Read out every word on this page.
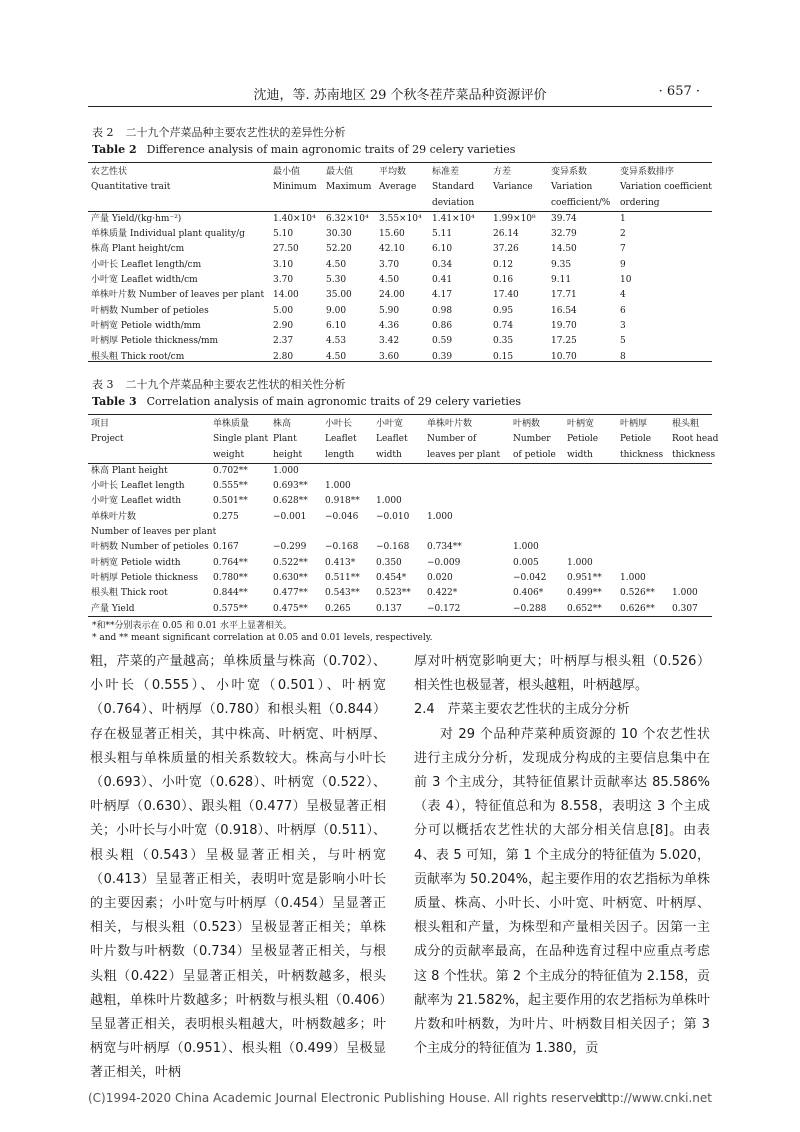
沈迪，等. 苏南地区 29 个秋冬茬芹菜品种资源评价	· 657 ·
表 2 二十九个芹菜品种主要农艺性状的差异性分析
Table 2 Difference analysis of main agronomic traits of 29 celery varieties
农艺性状	最小值	最大值	平均数	标准差	方差	变异系数	变异系数排序
Quantitative trait	Minimum	Maximum	Average	Standard	Variance	Variation	Variation coefficient
				deviation		coefficient/%	ordering
产量 Yield/(kg·hm⁻²)	1.40×10⁴	6.32×10⁴	3.55×10⁴	1.41×10⁴	1.99×10⁸	39.74	1
单株质量 Individual plant quality/g	5.10	30.30	15.60	5.11	26.14	32.79	2
株高 Plant height/cm	27.50	52.20	42.10	6.10	37.26	14.50	7
小叶长 Leaflet length/cm	3.10	4.50	3.70	0.34	0.12	9.35	9
小叶宽 Leaflet width/cm	3.70	5.30	4.50	0.41	0.16	9.11	10
单株叶片数 Number of leaves per plant	14.00	35.00	24.00	4.17	17.40	17.71	4
叶柄数 Number of petioles	5.00	9.00	5.90	0.98	0.95	16.54	6
叶柄宽 Petiole width/mm	2.90	6.10	4.36	0.86	0.74	19.70	3
叶柄厚 Petiole thickness/mm	2.37	4.53	3.42	0.59	0.35	17.25	5
根头粗 Thick root/cm	2.80	4.50	3.60	0.39	0.15	10.70	8
表 3 二十九个芹菜品种主要农艺性状的相关性分析
Table 3 Correlation analysis of main agronomic traits of 29 celery varieties
项目	单株质量	株高	小叶长	小叶宽	单株叶片数	叶柄数	叶柄宽	叶柄厚	根头粗
Project	Single plant	Plant	Leaflet	Leaflet	Number of	Number	Petiole	Petiole	Root head
	weight	height	length	width	leaves per plant	of petiole	width	thickness	thickness
株高 Plant height	0.702**	1.000							
小叶长 Leaflet length	0.555**	0.693**	1.000						
小叶宽 Leaflet width	0.501**	0.628**	0.918**	1.000					
单株叶片数	0.275	−0.001	−0.046	−0.010	1.000				
Number of leaves per plant									
叶柄数 Number of petioles	0.167	−0.299	−0.168	−0.168	0.734**	1.000			
叶柄宽 Petiole width	0.764**	0.522**	0.413*	0.350	−0.009	0.005	1.000		
叶柄厚 Petiole thickness	0.780**	0.630**	0.511**	0.454*	0.020	−0.042	0.951**	1.000	
根头粗 Thick root	0.844**	0.477**	0.543**	0.523**	0.422*	0.406*	0.499**	0.526**	1.000
产量 Yield	0.575**	0.475**	0.265	0.137	−0.172	−0.288	0.652**	0.626**	0.307
*和**分别表示在 0.05 和 0.01 水平上显著相关。
* and ** meant significant correlation at 0.05 and 0.01 levels, respectively.

粗，芹菜的产量越高；单株质量与株高（0.702）、小叶长（0.555）、小叶宽（0.501）、叶柄宽（0.764）、叶柄厚（0.780）和根头粗（0.844）存在极显著正相关，其中株高、叶柄宽、叶柄厚、根头粗与单株质量的相关系数较大。株高与小叶长（0.693）、小叶宽（0.628）、叶柄宽（0.522）、叶柄厚（0.630）、跟头粗（0.477）呈极显著正相关；小叶长与小叶宽（0.918）、叶柄厚（0.511）、根头粗（0.543）呈极显著正相关，与叶柄宽（0.413）呈显著正相关，表明叶宽是影响小叶长的主要因素；小叶宽与叶柄厚（0.454）呈显著正相关，与根头粗（0.523）呈极显著正相关；单株叶片数与叶柄数（0.734）呈极显著正相关，与根头粗（0.422）呈显著正相关，叶柄数越多，根头越粗，单株叶片数越多；叶柄数与根头粗（0.406）呈显著正相关，表明根头粗越大，叶柄数越多；叶柄宽与叶柄厚（0.951）、根头粗（0.499）呈极显著正相关，叶柄

厚对叶柄宽影响更大；叶柄厚与根头粗（0.526）相关性也极显著，根头越粗，叶柄越厚。

2.4　芹菜主要农艺性状的主成分分析

对 29 个品种芹菜种质资源的 10 个农艺性状进行主成分分析，发现成分构成的主要信息集中在前 3 个主成分，其特征值累计贡献率达 85.586%（表 4），特征值总和为 8.558，表明这 3 个主成分可以概括农艺性状的大部分相关信息[8]。由表 4、表 5 可知，第 1 个主成分的特征值为 5.020，贡献率为 50.204%，起主要作用的农艺指标为单株质量、株高、小叶长、小叶宽、叶柄宽、叶柄厚、根头粗和产量，为株型和产量相关因子。因第一主成分的贡献率最高，在品种选育过程中应重点考虑这 8 个性状。第 2 个主成分的特征值为 2.158，贡献率为 21.582%，起主要作用的农艺指标为单株叶片数和叶柄数，为叶片、叶柄数目相关因子；第 3 个主成分的特征值为 1.380，贡

(C)1994-2020 China Academic Journal Electronic Publishing House. All rights reserved.
http://www.cnki.net
